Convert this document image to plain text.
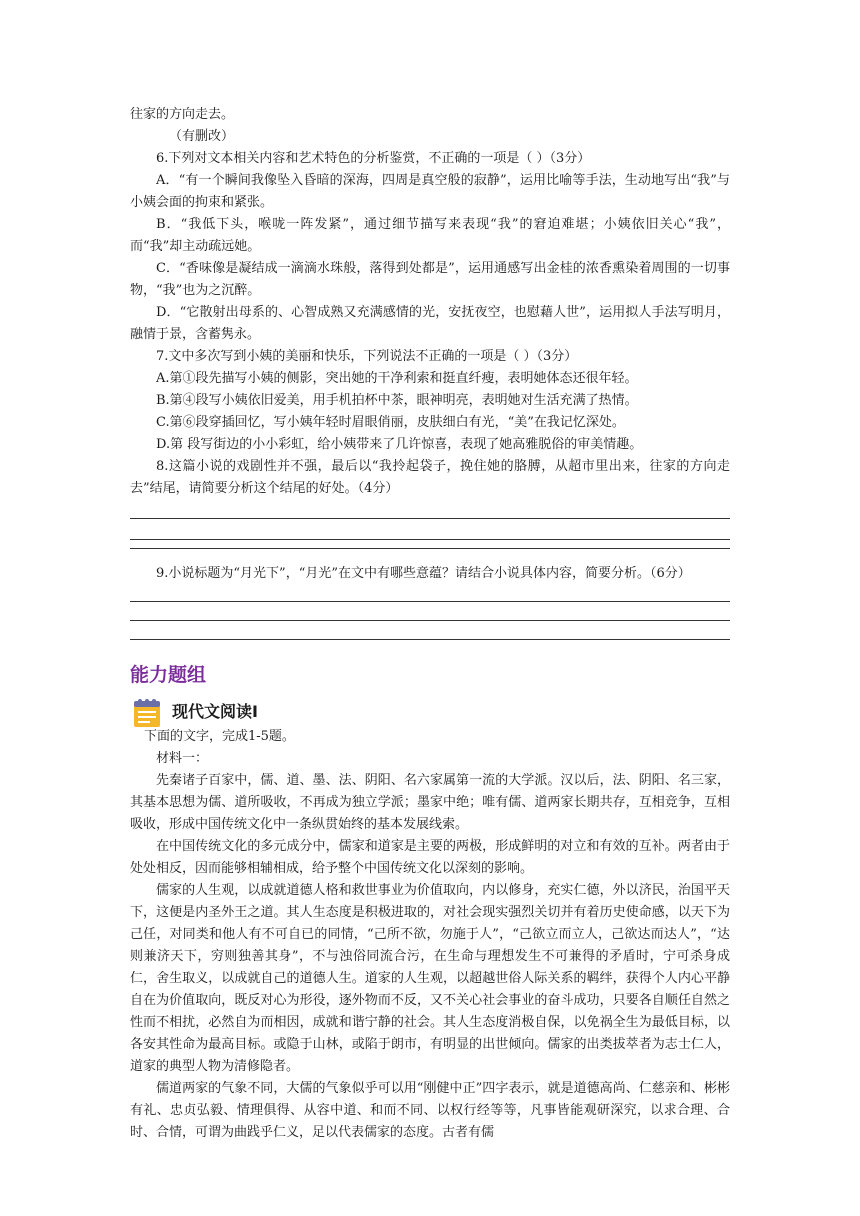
往家的方向走去。

（有删改）

6.下列对文本相关内容和艺术特色的分析鉴赏，不正确的一项是（ ）（3分）

A．“有一个瞬间我像坠入昏暗的深海，四周是真空般的寂静”，运用比喻等手法，生动地写出“我”与小姨会面的拘束和紧张。

B．“我低下头，喉咙一阵发紧”，通过细节描写来表现“我”的窘迫难堪；小姨依旧关心“我”，而“我”却主动疏远她。

C．“香味像是凝结成一滴滴水珠般，落得到处都是”，运用通感写出金桂的浓香熏染着周围的一切事物，“我”也为之沉醉。

D．“它散射出母系的、心智成熟又充满感情的光，安抚夜空，也慰藉人世”，运用拟人手法写明月，融情于景，含蓄隽永。

7.文中多次写到小姨的美丽和快乐，下列说法不正确的一项是（ ）（3分）

A.第①段先描写小姨的侧影，突出她的干净利索和挺直纤瘦，表明她体态还很年轻。

B.第④段写小姨依旧爱美，用手机拍杯中茶，眼神明亮，表明她对生活充满了热情。

C.第⑥段穿插回忆，写小姨年轻时眉眼俏丽，皮肤细白有光，“美”在我记忆深处。

D.第 段写街边的小小彩虹，给小姨带来了几许惊喜，表现了她高雅脱俗的审美情趣。

8.这篇小说的戏剧性并不强，最后以“我拎起袋子，挽住她的胳膊，从超市里出来，往家的方向走去”结尾，请简要分析这个结尾的好处。（4分）

9.小说标题为“月光下”，“月光”在文中有哪些意蕴？请结合小说具体内容，简要分析。（6分）

能力题组
现代文阅读Ⅰ

下面的文字，完成1-5题。

材料一：

先秦诸子百家中，儒、道、墨、法、阴阳、名六家属第一流的大学派。汉以后，法、阴阳、名三家，其基本思想为儒、道所吸收，不再成为独立学派；墨家中绝；唯有儒、道两家长期共存，互相竞争，互相吸收，形成中国传统文化中一条纵贯始终的基本发展线索。

在中国传统文化的多元成分中，儒家和道家是主要的两极，形成鲜明的对立和有效的互补。两者由于处处相反，因而能够相辅相成，给予整个中国传统文化以深刻的影响。

儒家的人生观，以成就道德人格和救世事业为价值取向，内以修身，充实仁德，外以济民，治国平天下，这便是内圣外王之道。其人生态度是积极进取的，对社会现实强烈关切并有着历史使命感，以天下为己任，对同类和他人有不可自已的同情，“己所不欲，勿施于人”，“己欲立而立人，己欲达而达人”，“达则兼济天下，穷则独善其身”，不与浊俗同流合污，在生命与理想发生不可兼得的矛盾时，宁可杀身成仁，舍生取义，以成就自己的道德人生。道家的人生观，以超越世俗人际关系的羁绊，获得个人内心平静自在为价值取向，既反对心为形役，逐外物而不反，又不关心社会事业的奋斗成功，只要各自顺任自然之性而不相扰，必然自为而相因，成就和谐宁静的社会。其人生态度消极自保，以免祸全生为最低目标，以各安其性命为最高目标。或隐于山林，或陷于朗市，有明显的出世倾向。儒家的出类拔萃者为志士仁人，道家的典型人物为清修隐者。

儒道两家的气象不同，大儒的气象似乎可以用“刚健中正”四字表示，就是道德高尚、仁慈亲和、彬彬有礼、忠贞弘毅、情理俱得、从容中道、和而不同、以权行经等等，凡事皆能观研深究，以求合理、合时、合情，可谓为曲践乎仁义，足以代表儒家的态度。古者有儒
